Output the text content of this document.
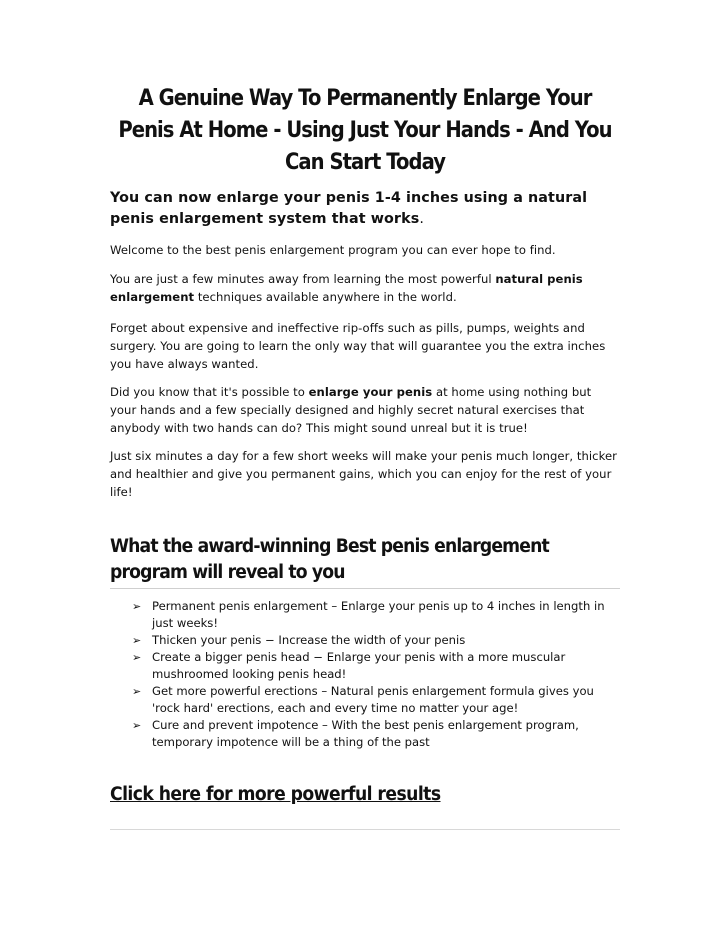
A Genuine Way To Permanently Enlarge Your Penis At Home - Using Just Your Hands - And You Can Start Today
You can now enlarge your penis 1-4 inches using a natural penis enlargement system that works.

Welcome to the best penis enlargement program you can ever hope to find.

You are just a few minutes away from learning the most powerful natural penis enlargement techniques available anywhere in the world.

Forget about expensive and ineffective rip-offs such as pills, pumps, weights and surgery. You are going to learn the only way that will guarantee you the extra inches you have always wanted.

Did you know that it's possible to enlarge your penis at home using nothing but your hands and a few specially designed and highly secret natural exercises that anybody with two hands can do? This might sound unreal but it is true!

Just six minutes a day for a few short weeks will make your penis much longer, thicker and healthier and give you permanent gains, which you can enjoy for the rest of your life!

What the award-winning Best penis enlargement program will reveal to you
➢ Permanent penis enlargement – Enlarge your penis up to 4 inches in length in just weeks!
➢ Thicken your penis − Increase the width of your penis
➢ Create a bigger penis head − Enlarge your penis with a more muscular mushroomed looking penis head!
➢ Get more powerful erections – Natural penis enlargement formula gives you 'rock hard' erections, each and every time no matter your age!
➢ Cure and prevent impotence – With the best penis enlargement program, temporary impotence will be a thing of the past
Click here for more powerful results
